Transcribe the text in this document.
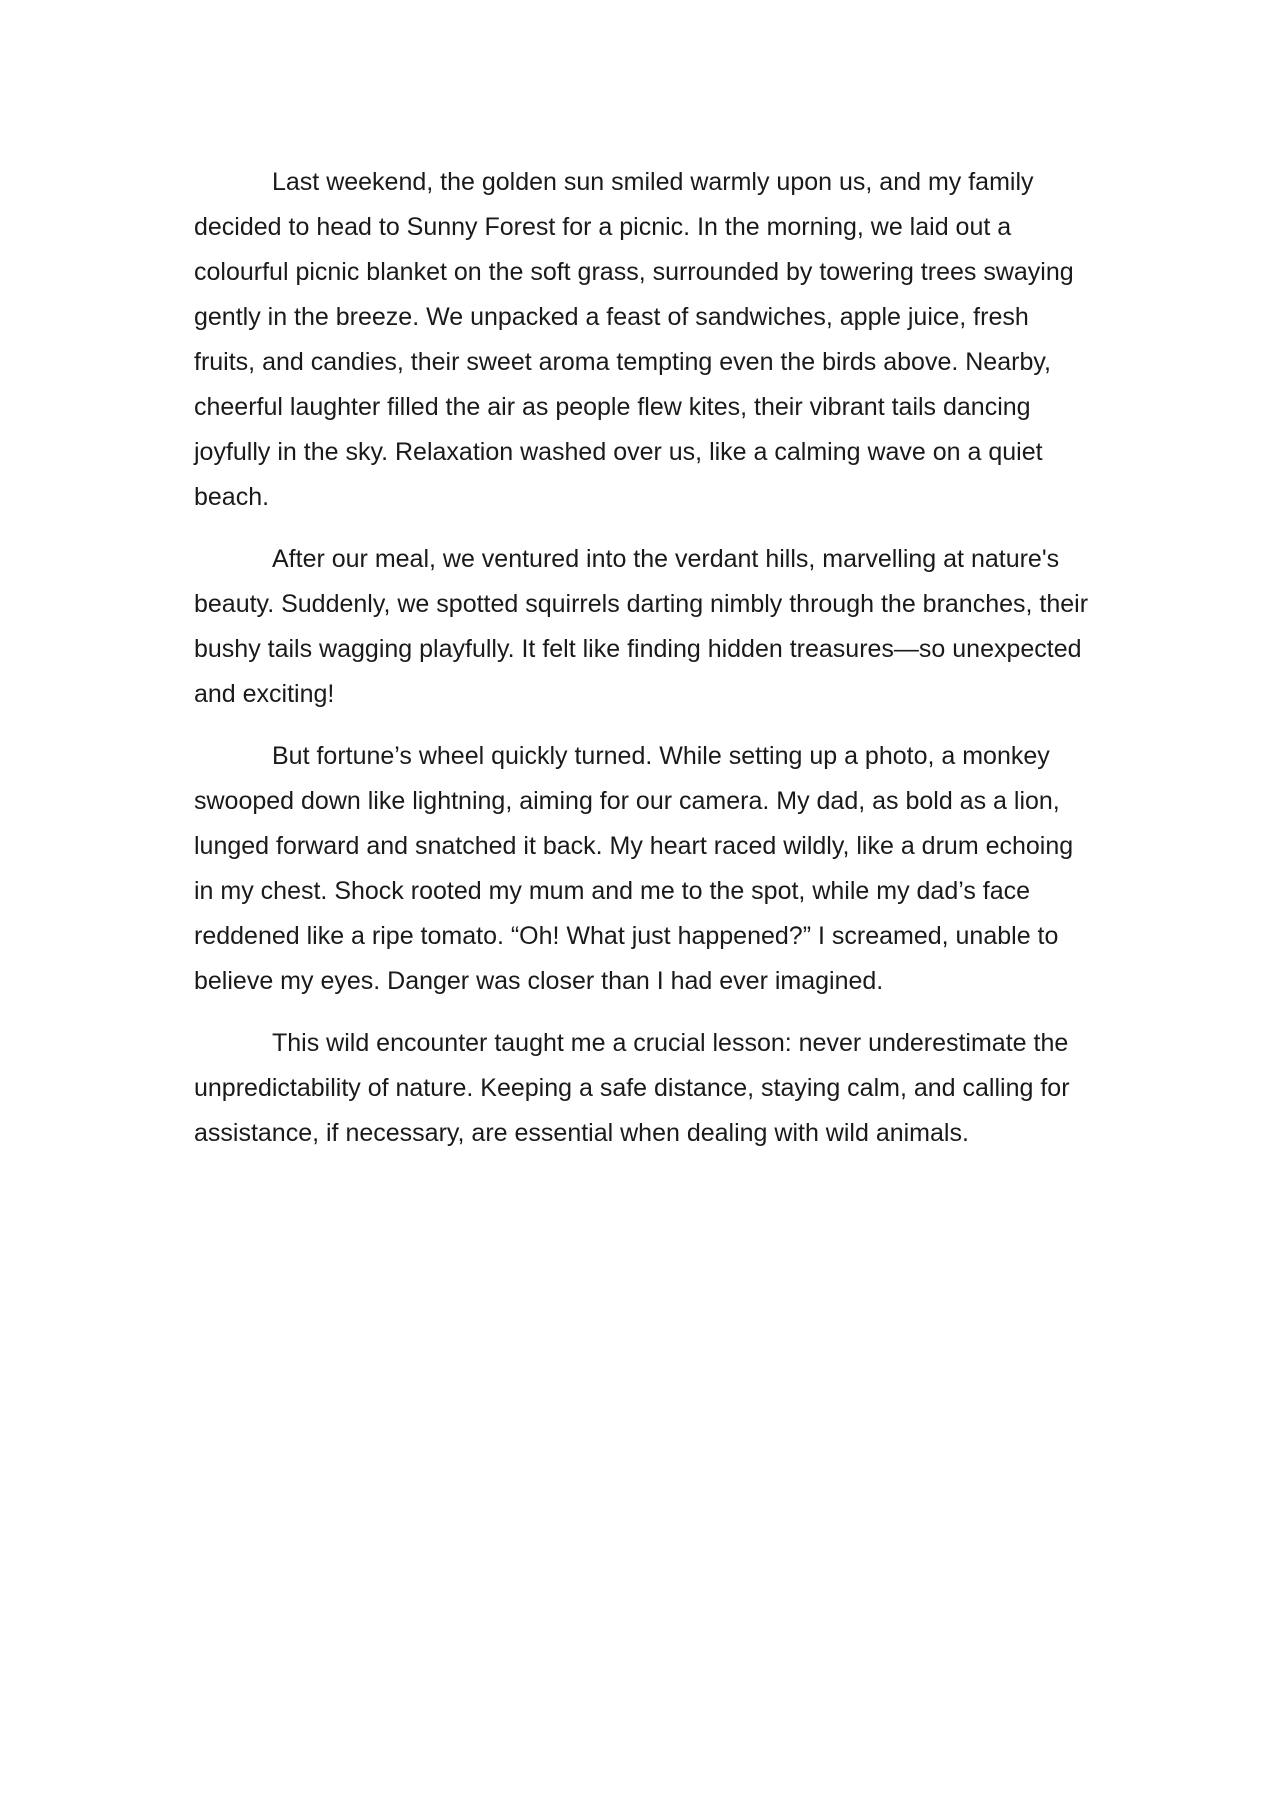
Last weekend, the golden sun smiled warmly upon us, and my family decided to head to Sunny Forest for a picnic. In the morning, we laid out a colourful picnic blanket on the soft grass, surrounded by towering trees swaying gently in the breeze. We unpacked a feast of sandwiches, apple juice, fresh fruits, and candies, their sweet aroma tempting even the birds above. Nearby, cheerful laughter filled the air as people flew kites, their vibrant tails dancing joyfully in the sky. Relaxation washed over us, like a calming wave on a quiet beach.

After our meal, we ventured into the verdant hills, marvelling at nature's beauty. Suddenly, we spotted squirrels darting nimbly through the branches, their bushy tails wagging playfully. It felt like finding hidden treasures—so unexpected and exciting!

But fortune’s wheel quickly turned. While setting up a photo, a monkey swooped down like lightning, aiming for our camera. My dad, as bold as a lion, lunged forward and snatched it back. My heart raced wildly, like a drum echoing in my chest. Shock rooted my mum and me to the spot, while my dad’s face reddened like a ripe tomato. “Oh! What just happened?” I screamed, unable to believe my eyes. Danger was closer than I had ever imagined.

This wild encounter taught me a crucial lesson: never underestimate the unpredictability of nature. Keeping a safe distance, staying calm, and calling for assistance, if necessary, are essential when dealing with wild animals.
